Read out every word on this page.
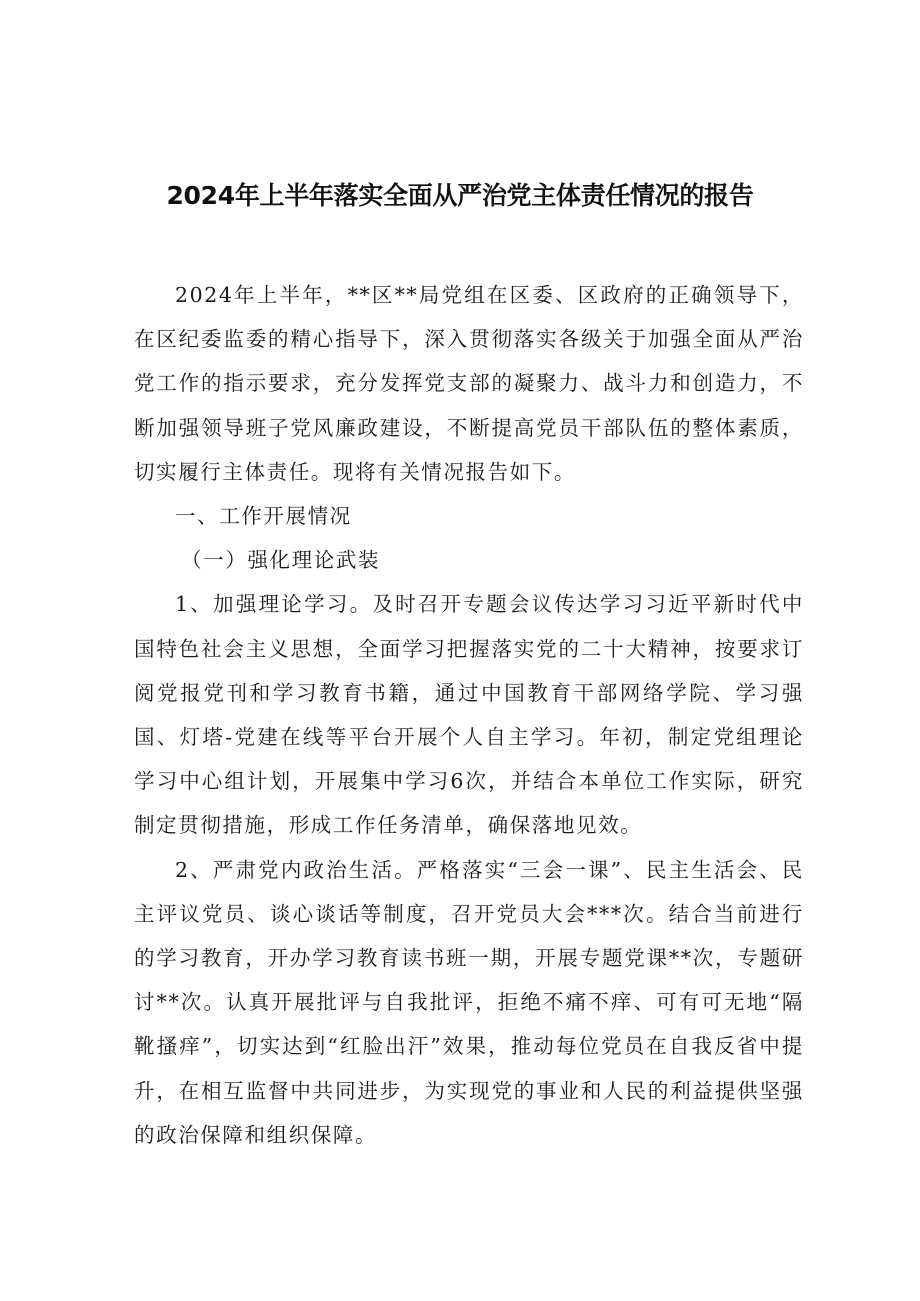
2024年上半年落实全面从严治党主体责任情况的报告

2024年上半年，**区**局党组在区委、区政府的正确领导下，在区纪委监委的精心指导下，深入贯彻落实各级关于加强全面从严治党工作的指示要求，充分发挥党支部的凝聚力、战斗力和创造力，不断加强领导班子党风廉政建设，不断提高党员干部队伍的整体素质，切实履行主体责任。现将有关情况报告如下。

一、工作开展情况

（一）强化理论武装

1、加强理论学习。及时召开专题会议传达学习习近平新时代中国特色社会主义思想，全面学习把握落实党的二十大精神，按要求订阅党报党刊和学习教育书籍，通过中国教育干部网络学院、学习强国、灯塔-党建在线等平台开展个人自主学习。年初，制定党组理论学习中心组计划，开展集中学习6次，并结合本单位工作实际，研究制定贯彻措施，形成工作任务清单，确保落地见效。

2、严肃党内政治生活。严格落实“三会一课”、民主生活会、民主评议党员、谈心谈话等制度，召开党员大会***次。结合当前进行的学习教育，开办学习教育读书班一期，开展专题党课**次，专题研讨**次。认真开展批评与自我批评，拒绝不痛不痒、可有可无地“隔靴搔痒”，切实达到“红脸出汗”效果，推动每位党员在自我反省中提升，在相互监督中共同进步，为实现党的事业和人民的利益提供坚强的政治保障和组织保障。
